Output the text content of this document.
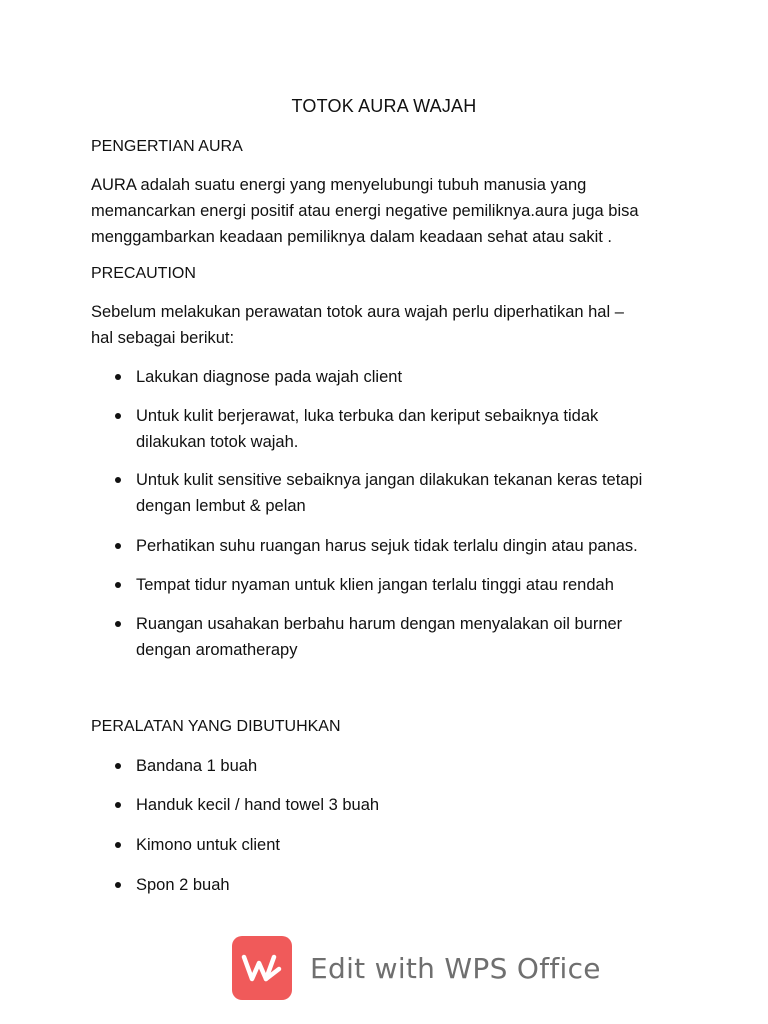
TOTOK AURA WAJAH
PENGERTIAN AURA
AURA adalah suatu energi yang menyelubungi tubuh manusia yang
memancarkan energi positif atau energi negative pemiliknya.aura juga bisa
menggambarkan keadaan pemiliknya dalam keadaan sehat atau sakit .
PRECAUTION
Sebelum melakukan perawatan totok aura wajah perlu diperhatikan hal –
hal sebagai berikut:
Lakukan diagnose pada wajah client
Untuk kulit berjerawat, luka terbuka dan keriput sebaiknya tidak
dilakukan totok wajah.
Untuk kulit sensitive sebaiknya jangan dilakukan tekanan keras tetapi
dengan lembut & pelan
Perhatikan suhu ruangan harus sejuk tidak terlalu dingin atau panas.
Tempat tidur nyaman untuk klien jangan terlalu tinggi atau rendah
Ruangan usahakan berbahu harum dengan menyalakan oil burner
dengan aromatherapy
PERALATAN YANG DIBUTUHKAN
Bandana 1 buah
Handuk kecil / hand towel 3 buah
Kimono untuk client
Spon 2 buah
Edit with WPS Office
